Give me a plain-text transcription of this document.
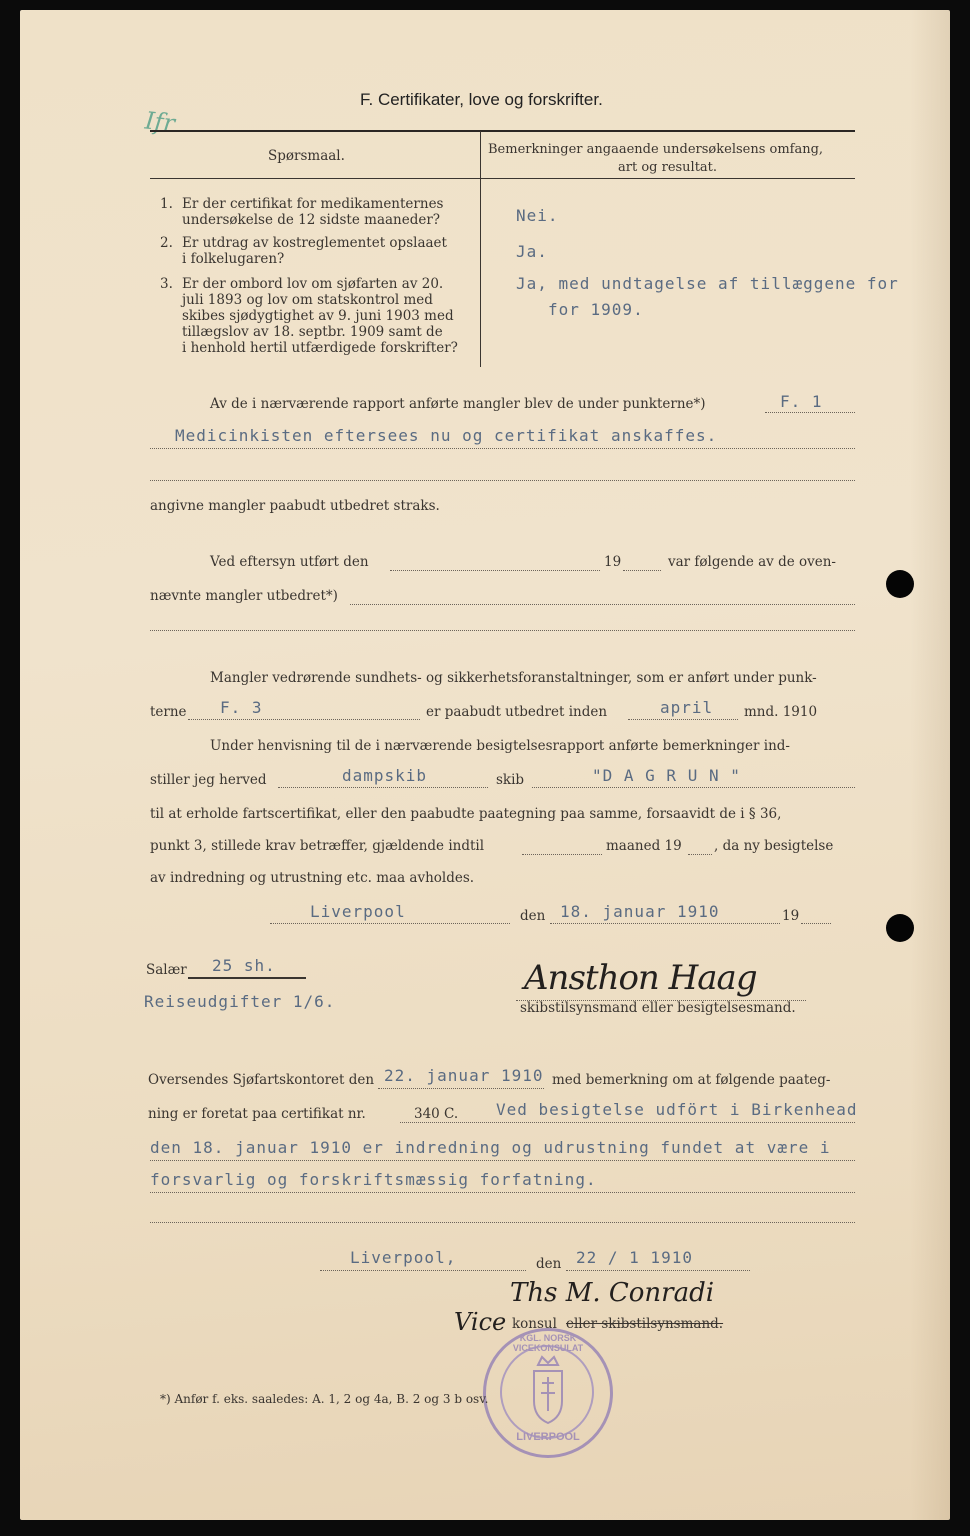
Ifr
F. Certifikater, love og forskrifter.
Spørsmaal.	Bemerkninger angaaende undersøkelsens omfang,
art og resultat.
1. Er der certifikat for medikamenternes
undersøkelse de 12 sidste maaneder?	Nei.
2. Er utdrag av kostreglementet opslaaet
i folkelugaren?	Ja.
3. Er der ombord lov om sjøfarten av 20.
juli 1893 og lov om statskontrol med
skibes sjødygtighet av 9. juni 1903 med
tillægslov av 18. septbr. 1909 samt de
i henhold hertil utfærdigede forskrifter?
Ja, med undtagelse af tillæggene for
for 1909.
Av de i nærværende rapport anførte mangler blev de under punkterne*)	F. 1
Medicinkisten eftersees nu og certifikat anskaffes.
angivne mangler paabudt utbedret straks.
Ved eftersyn utført den	19	var følgende av de oven-
nævnte mangler utbedret*)
Mangler vedrørende sundhets- og sikkerhetsforanstaltninger, som er anført under punk-
terne F. 3	er paabudt utbedret inden	april mnd. 1910
Under henvisning til de i nærværende besigtelsesrapport anførte bemerkninger ind-
stiller jeg herved	dampskib	skib	"D A G R U N "
til at erholde fartscertifikat, eller den paabudte paategning paa samme, forsaavidt de i § 36,
punkt 3, stillede krav betræffer, gjældende indtil	maaned 19 , da ny besigtelse
av indredning og utrustning etc. maa avholdes.
Liverpool	den 18. januar 1910	19
Salær 25 sh.
Reiseudgifter 1/6.
Ansthon Haag
skibstilsynsmand eller besigtelsesmand.
Oversendes Sjøfartskontoret den 22. januar 1910 med bemerkning om at følgende paateg-
ning er foretat paa certifikat nr.	340 C. Ved besigtelse udfört i Birkenhead
den 18. januar 1910 er indredning og udrustning fundet at være i
forsvarlig og forskriftsmæssig forfatning.
Liverpool,	den 22 / 1 1910
Ths M. Conradi
Vice konsul eller skibstilsynsmand.
KGL. NORSK VICEKONSULAT
LIVERPOOL
*) Anfør f. eks. saaledes: A. 1, 2 og 4a, B. 2 og 3 b osv.
